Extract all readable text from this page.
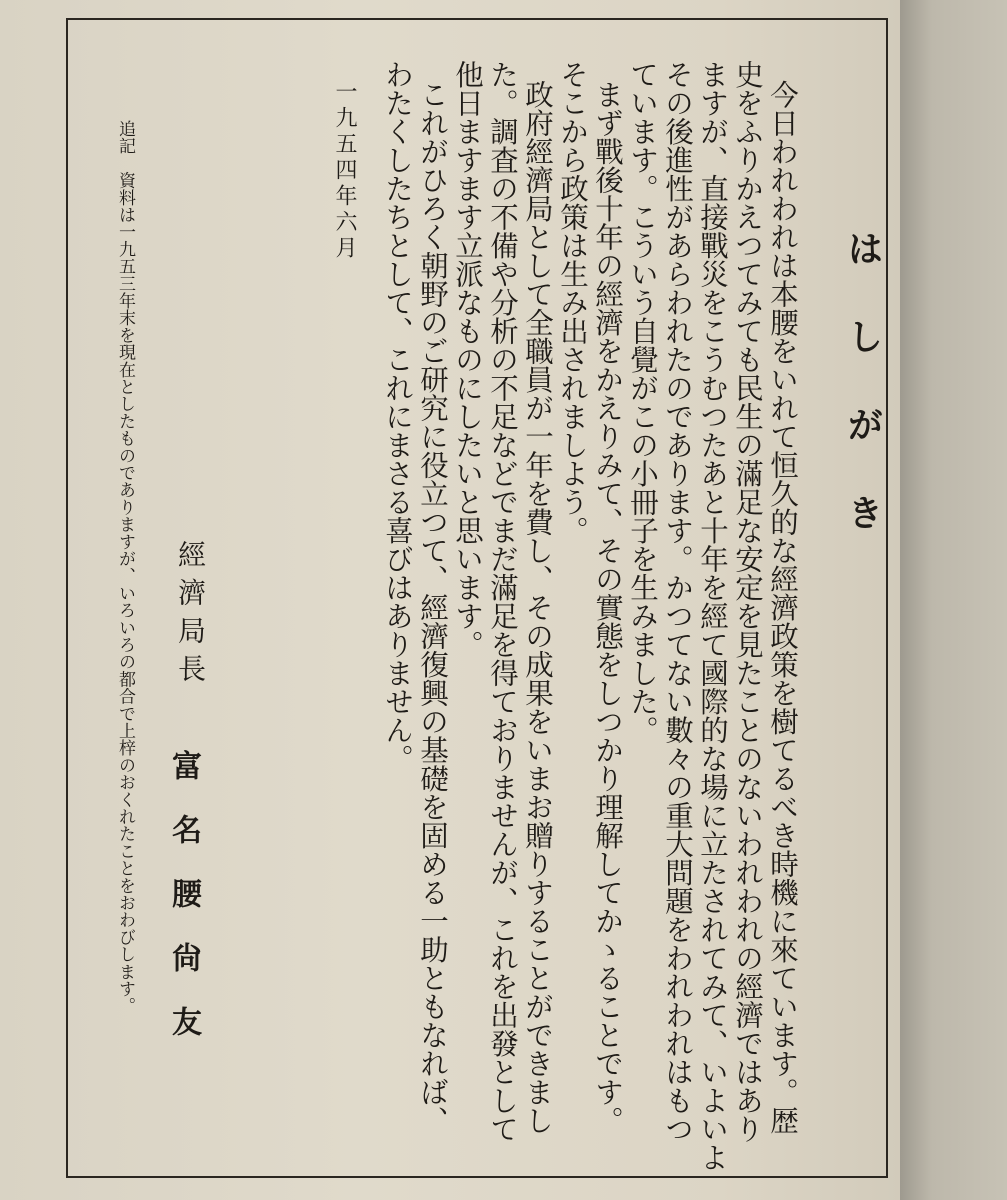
はしがき
今日われわれは本腰をいれて恒久的な經濟政策を樹てるべき時機に來ています。歴
史をふりかえつてみても民生の滿足な安定を見たことのないわれわれの經濟ではあり
ますが、直接戰災をこうむつたあと十年を經て國際的な場に立たされてみて、いよいよ
その後進性があらわれたのであります。かつてない數々の重大問題をわれわれはもつ
ています。こういう自覺がこの小冊子を生みました。
まず戰後十年の經濟をかえりみて、その實態をしつかり理解してかゝることです。
そこから政策は生み出されましよう。
政府經濟局として全職員が一年を費し、その成果をいまお贈りすることができまし
た。調査の不備や分析の不足などでまだ滿足を得ておりませんが、これを出發として
他日ますます立派なものにしたいと思います。
これがひろく朝野のご研究に役立つて、經濟復興の基礎を固める一助ともなれば、
わたくしたちとして、これにまさる喜びはありません。
一九五四年六月
經濟局長
富名腰尙友
追記　資料は一九五三年末を現在としたものでありますが、いろいろの都合で上梓のおくれたことをおわびします。
